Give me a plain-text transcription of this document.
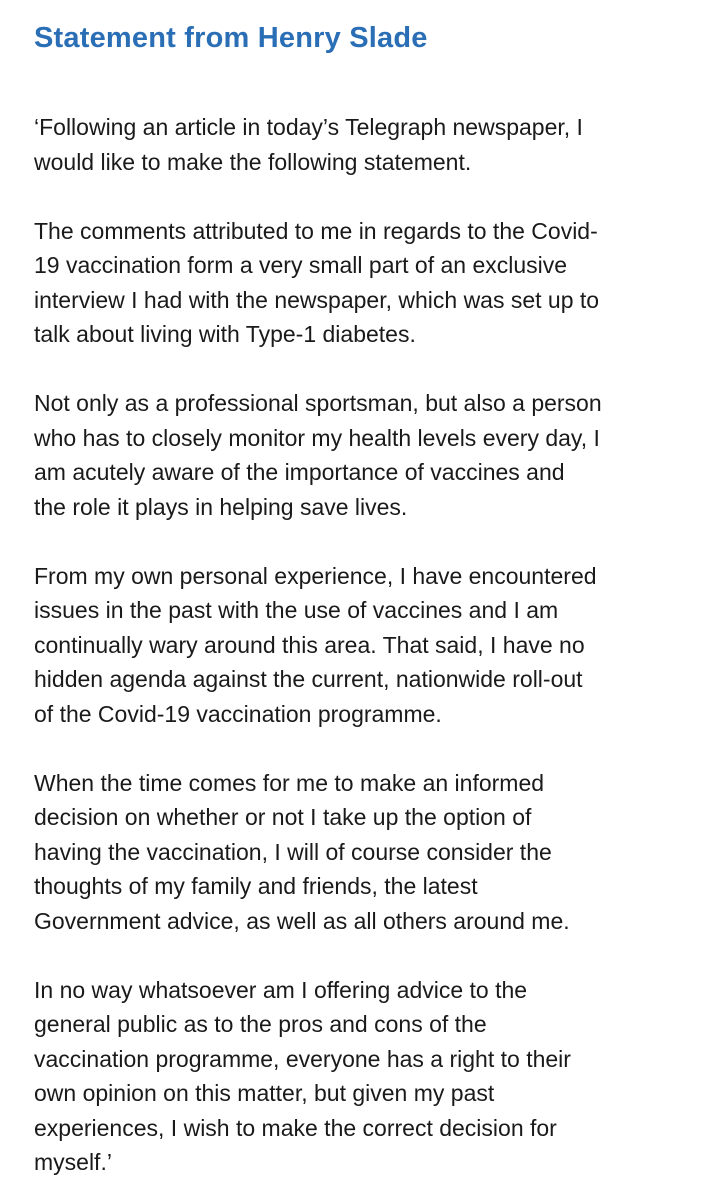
Statement from Henry Slade

‘Following an article in today’s Telegraph newspaper, I
would like to make the following statement.

The comments attributed to me in regards to the Covid-
19 vaccination form a very small part of an exclusive
interview I had with the newspaper, which was set up to
talk about living with Type-1 diabetes.

Not only as a professional sportsman, but also a person
who has to closely monitor my health levels every day, I
am acutely aware of the importance of vaccines and
the role it plays in helping save lives.

From my own personal experience, I have encountered
issues in the past with the use of vaccines and I am
continually wary around this area. That said, I have no
hidden agenda against the current, nationwide roll-out
of the Covid-19 vaccination programme.

When the time comes for me to make an informed
decision on whether or not I take up the option of
having the vaccination, I will of course consider the
thoughts of my family and friends, the latest
Government advice, as well as all others around me.

In no way whatsoever am I offering advice to the
general public as to the pros and cons of the
vaccination programme, everyone has a right to their
own opinion on this matter, but given my past
experiences, I wish to make the correct decision for
myself.’
